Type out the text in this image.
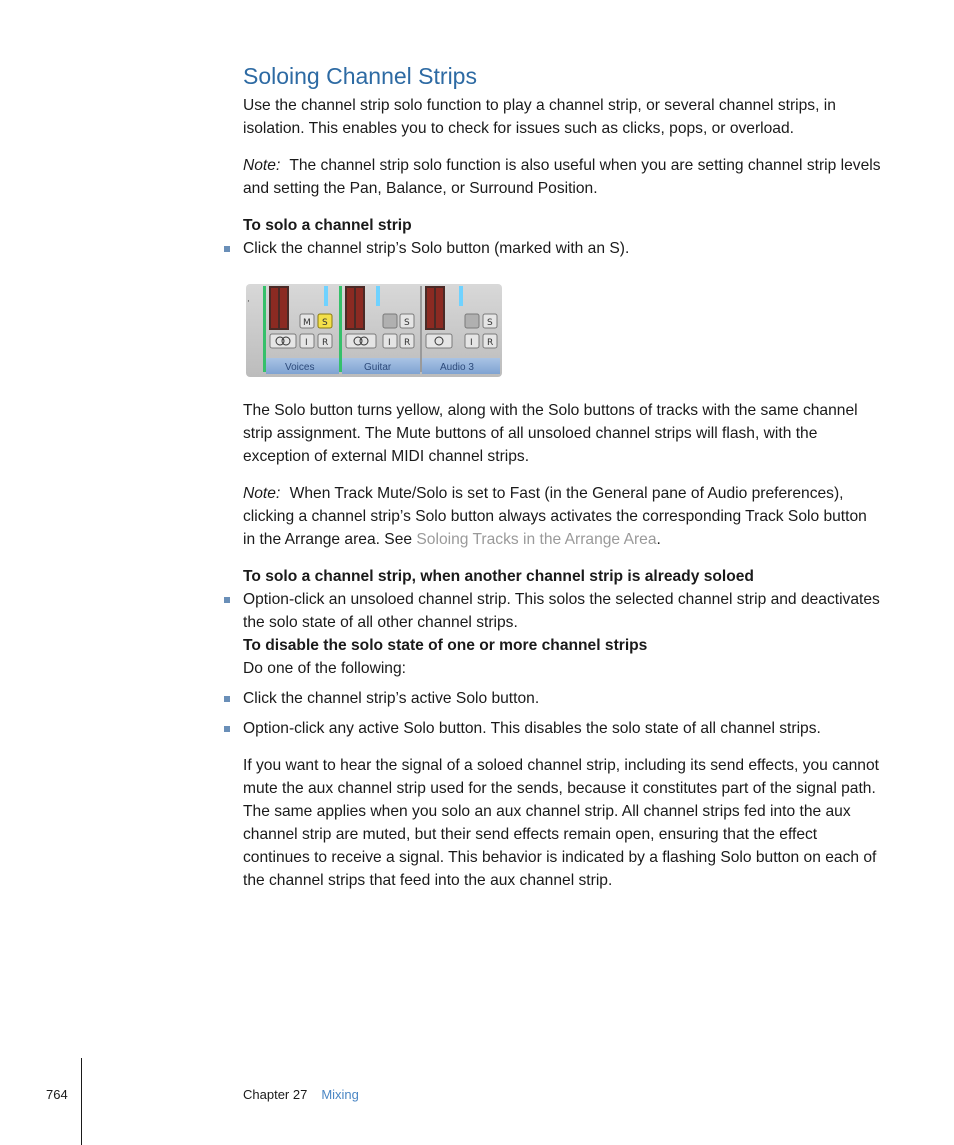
Soloing Channel Strips

Use the channel strip solo function to play a channel strip, or several channel strips, in isolation. This enables you to check for issues such as clicks, pops, or overload.

Note: The channel strip solo function is also useful when you are setting channel strip levels and setting the Pan, Balance, or Surround Position.

To solo a channel strip
Click the channel strip’s Solo button (marked with an S).
·
M S
I R
Voices
S
I R
Guitar
S
I R
Audio 3

The Solo button turns yellow, along with the Solo buttons of tracks with the same channel strip assignment. The Mute buttons of all unsoloed channel strips will flash, with the exception of external MIDI channel strips.

Note: When Track Mute/Solo is set to Fast (in the General pane of Audio preferences), clicking a channel strip’s Solo button always activates the corresponding Track Solo button in the Arrange area. See Soloing Tracks in the Arrange Area.

To solo a channel strip, when another channel strip is already soloed
Option-click an unsoloed channel strip. This solos the selected channel strip and deactivates the solo state of all other channel strips.
To disable the solo state of one or more channel strips

Do one of the following:

Click the channel strip’s active Solo button.
Option-click any active Solo button. This disables the solo state of all channel strips.

If you want to hear the signal of a soloed channel strip, including its send effects, you cannot mute the aux channel strip used for the sends, because it constitutes part of the signal path. The same applies when you solo an aux channel strip. All channel strips fed into the aux channel strip are muted, but their send effects remain open, ensuring that the effect continues to receive a signal. This behavior is indicated by a flashing Solo button on each of the channel strips that feed into the aux channel strip.

764	Chapter 27 Mixing
